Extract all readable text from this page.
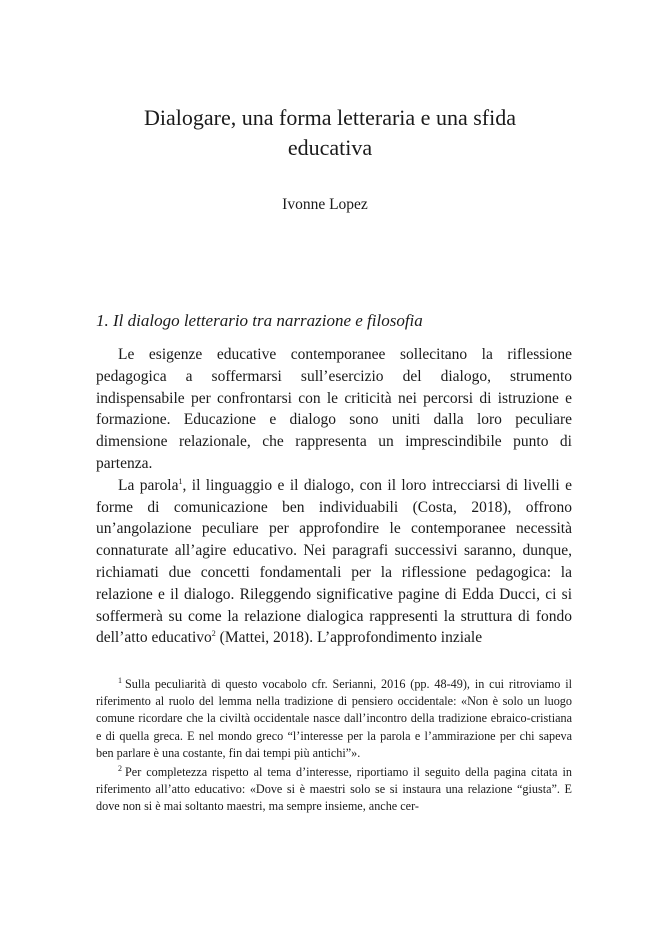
Dialogare, una forma letteraria e una sfida educativa

Ivonne Lopez

1. Il dialogo letterario tra narrazione e filosofia

Le esigenze educative contemporanee sollecitano la riflessione pedagogica a soffermarsi sull’esercizio del dialogo, strumento indispensabile per confrontarsi con le criticità nei percorsi di istruzione e formazione. Educazione e dialogo sono uniti dalla loro peculiare dimensione relazionale, che rappresenta un imprescindibile punto di partenza.

La parola$^1$, il linguaggio e il dialogo, con il loro intrecciarsi di livelli e forme di comunicazione ben individuabili (Costa, 2018), offrono un’angolazione peculiare per approfondire le contemporanee necessità connaturate all’agire educativo. Nei paragrafi successivi saranno, dunque, richiamati due concetti fondamentali per la riflessione pedagogica: la relazione e il dialogo. Rileggendo significative pagine di Edda Ducci, ci si soffermerà su come la relazione dialogica rappresenti la struttura di fondo dell’atto educativo$^2$ (Mattei, 2018). L’approfondimento inziale

$^1$ Sulla peculiarità di questo vocabolo cfr. Serianni, 2016 (pp. 48-49), in cui ritroviamo il riferimento al ruolo del lemma nella tradizione di pensiero occidentale: «Non è solo un luogo comune ricordare che la civiltà occidentale nasce dall’incontro della tradizione ebraico-cristiana e di quella greca. E nel mondo greco “l’interesse per la parola e l’ammirazione per chi sapeva ben parlare è una costante, fin dai tempi più antichi”».

$^2$ Per completezza rispetto al tema d’interesse, riportiamo il seguito della pagina citata in riferimento all’atto educativo: «Dove si è maestri solo se si instaura una relazione “giusta”. E dove non si è mai soltanto maestri, ma sempre insieme, anche cer-
